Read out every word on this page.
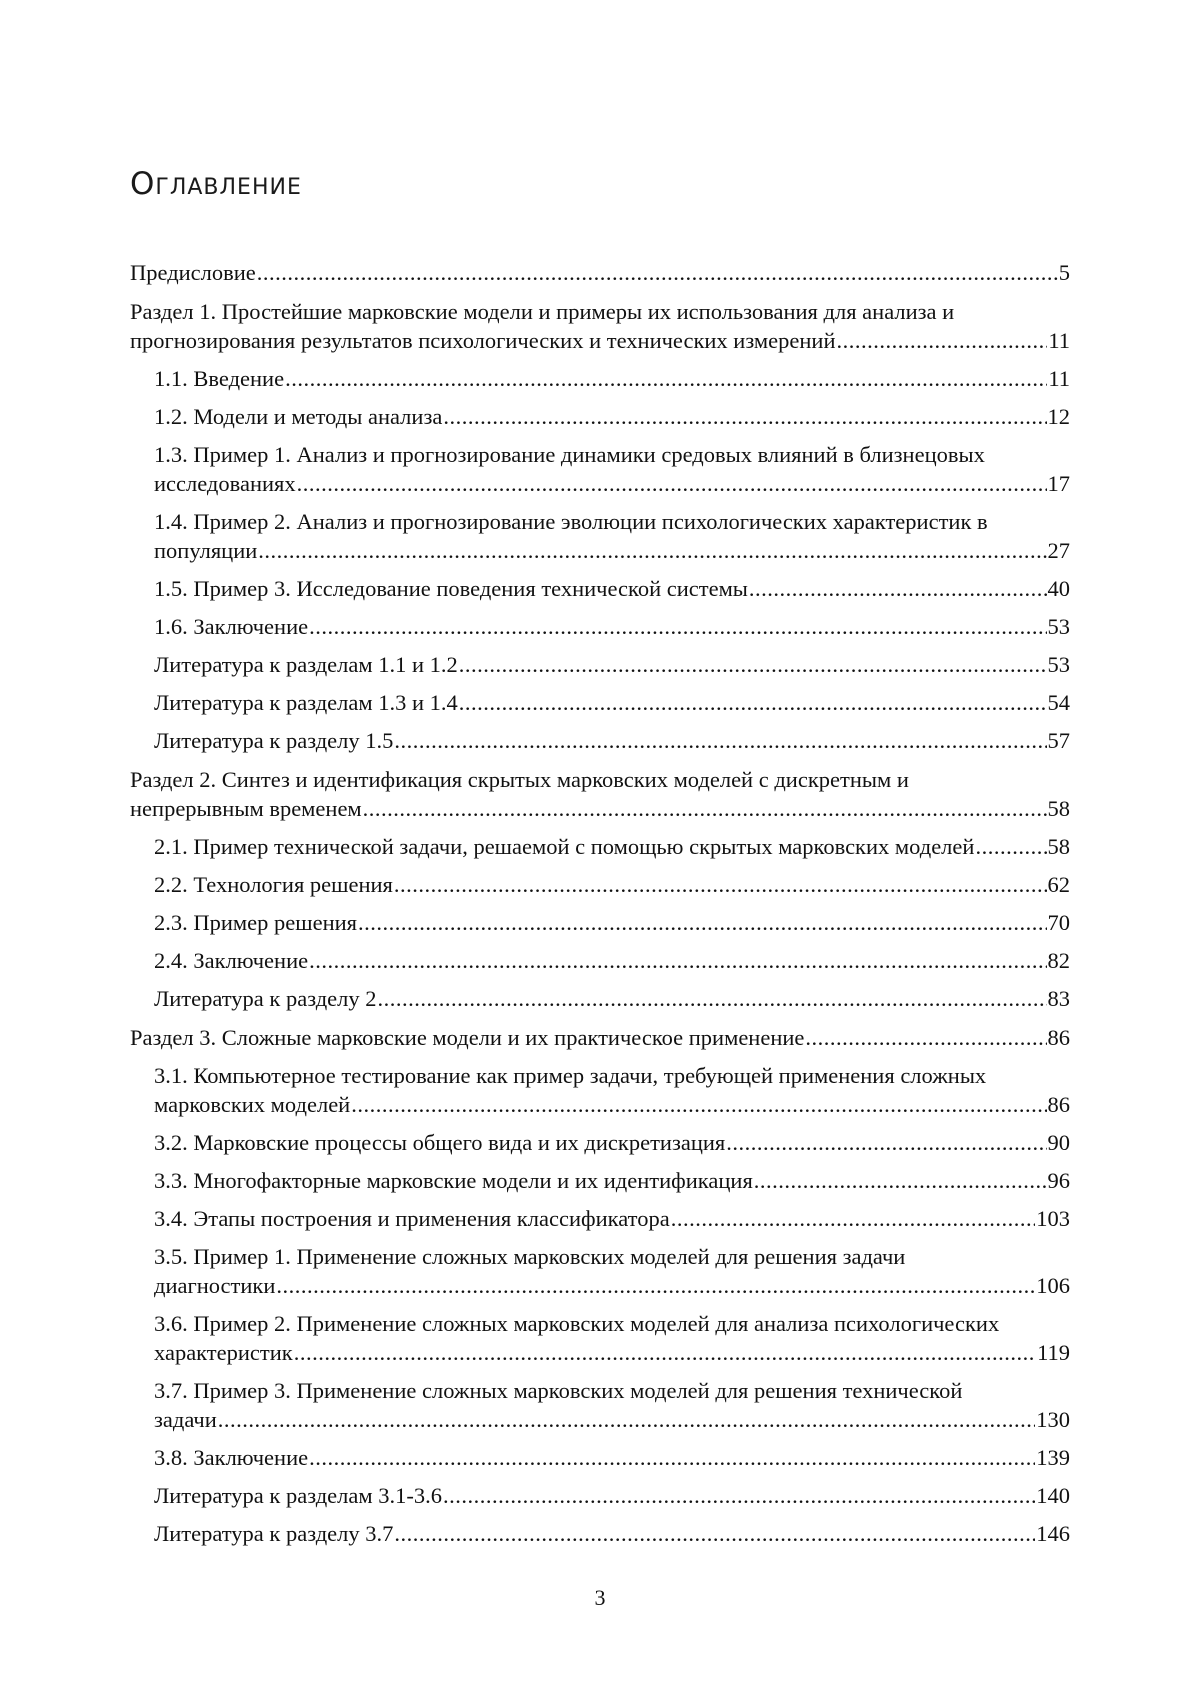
Оглавление
Предисловие .....	5
Раздел 1. Простейшие марковские модели и примеры их использования для анализа и
прогнозирования результатов психологических и технических измерений .....	11
1.1. Введение .....	11
1.2. Модели и методы анализа .....	12
1.3. Пример 1. Анализ и прогнозирование динамики средовых влияний в близнецовых
исследованиях .....	17
1.4. Пример 2. Анализ и прогнозирование эволюции психологических характеристик в
популяции .....	27
1.5. Пример 3. Исследование поведения технической системы .....	40
1.6. Заключение .....	53
Литература к разделам 1.1 и 1.2 .....	53
Литература к разделам 1.3 и 1.4 .....	54
Литература к разделу 1.5 .....	57
Раздел 2. Синтез и идентификация скрытых марковских моделей с дискретным и
непрерывным временем .....	58
2.1. Пример технической задачи, решаемой с помощью скрытых марковских моделей .....	58
2.2. Технология решения .....	62
2.3. Пример решения .....	70
2.4. Заключение .....	82
Литература к разделу 2 .....	83
Раздел 3. Сложные марковские модели и их практическое применение .....	86
3.1. Компьютерное тестирование как пример задачи, требующей применения сложных
марковских моделей .....	86
3.2. Марковские процессы общего вида и их дискретизация .....	90
3.3. Многофакторные марковские модели и их идентификация .....	96
3.4. Этапы построения и применения классификатора .....	103
3.5. Пример 1. Применение сложных марковских моделей для решения задачи
диагностики .....	106
3.6. Пример 2. Применение сложных марковских моделей для анализа психологических
характеристик .....	119
3.7. Пример 3. Применение сложных марковских моделей для решения технической
задачи .....	130
3.8. Заключение .....	139
Литература к разделам 3.1-3.6 .....	140
Литература к разделу 3.7 .....	146
3
